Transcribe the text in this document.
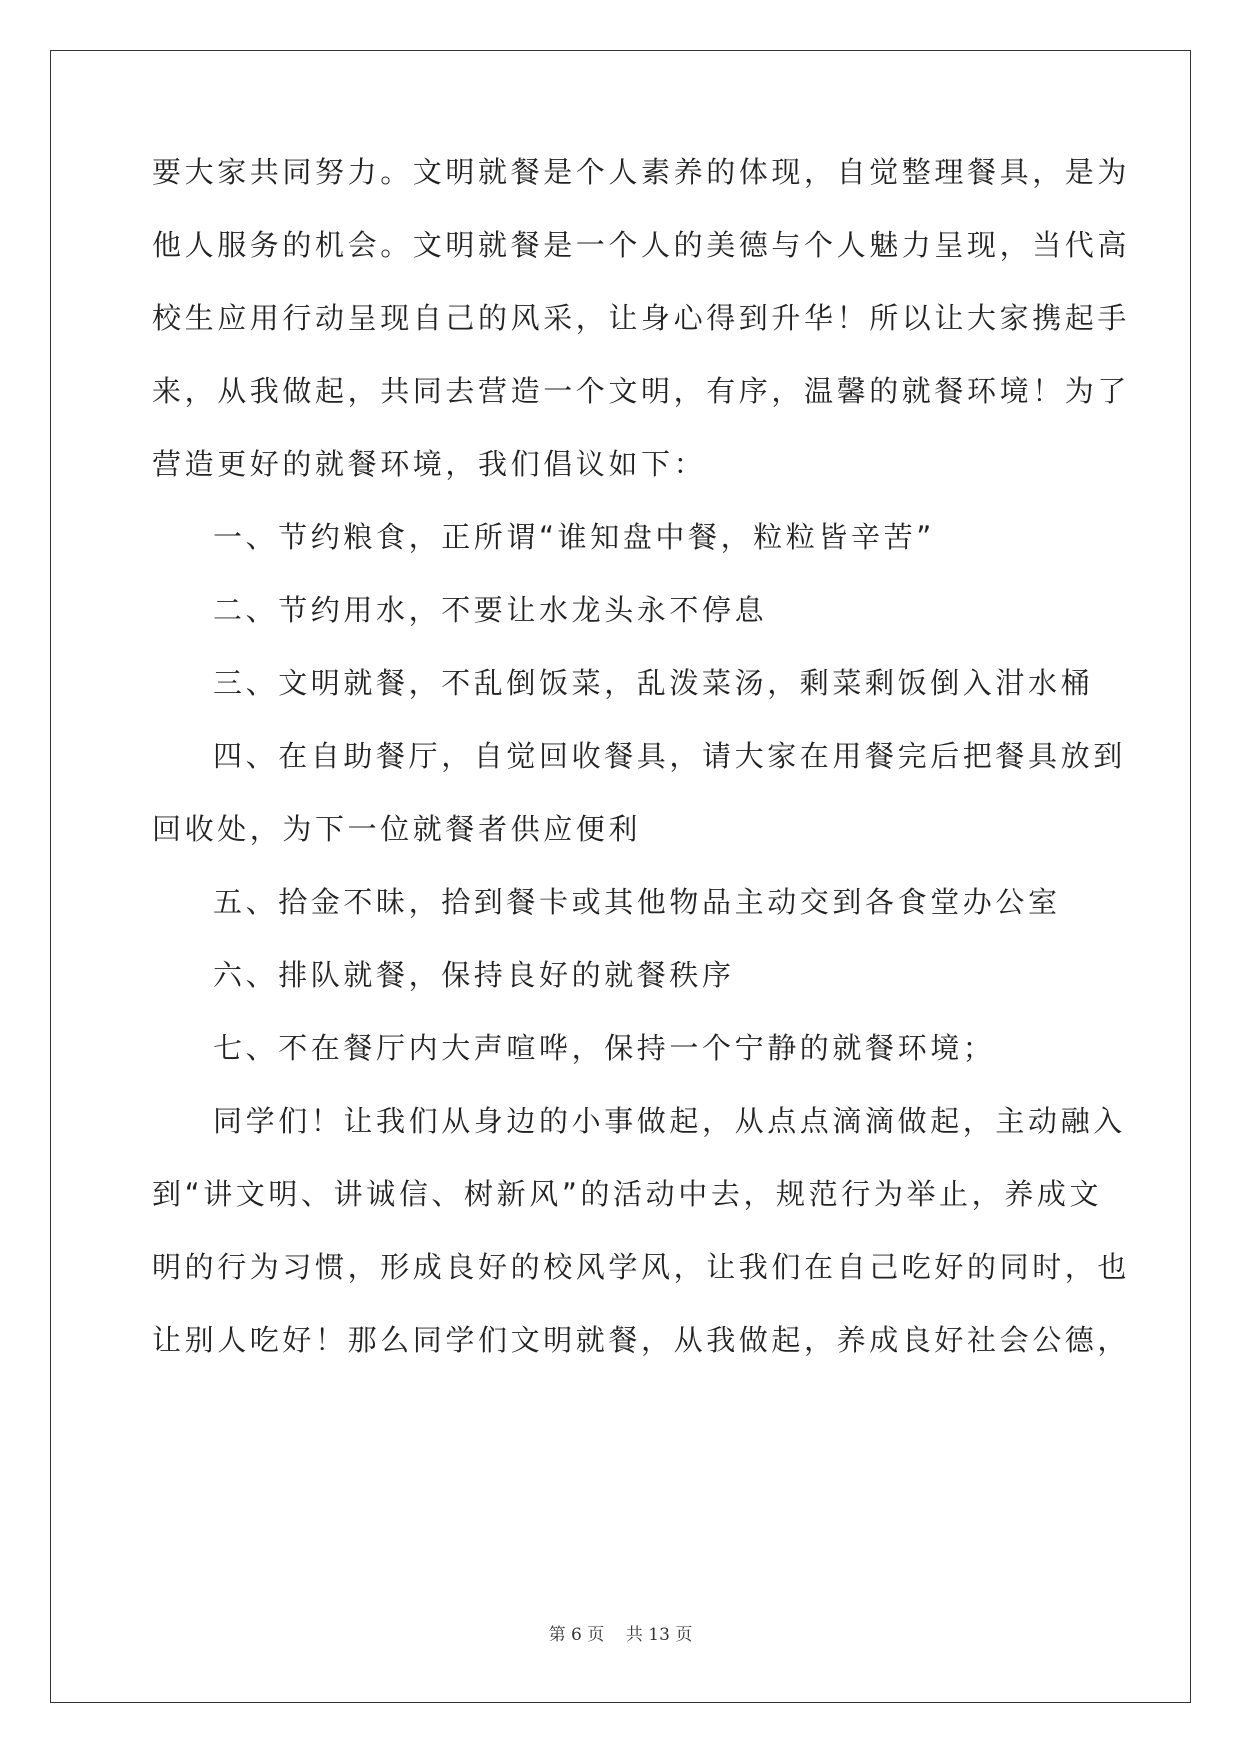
要大家共同努力。文明就餐是个人素养的体现，自觉整理餐具，是为
他人服务的机会。文明就餐是一个人的美德与个人魅力呈现，当代高
校生应用行动呈现自己的风采，让身心得到升华！所以让大家携起手
来，从我做起，共同去营造一个文明，有序，温馨的就餐环境！为了
营造更好的就餐环境，我们倡议如下：
一、节约粮食，正所谓“谁知盘中餐，粒粒皆辛苦”
二、节约用水，不要让水龙头永不停息
三、文明就餐，不乱倒饭菜，乱泼菜汤，剩菜剩饭倒入泔水桶
四、在自助餐厅，自觉回收餐具，请大家在用餐完后把餐具放到
回收处，为下一位就餐者供应便利
五、拾金不昧，拾到餐卡或其他物品主动交到各食堂办公室
六、排队就餐，保持良好的就餐秩序
七、不在餐厅内大声喧哗，保持一个宁静的就餐环境；
同学们！让我们从身边的小事做起，从点点滴滴做起，主动融入
到“讲文明、讲诚信、树新风”的活动中去，规范行为举止，养成文
明的行为习惯，形成良好的校风学风，让我们在自己吃好的同时，也
让别人吃好！那么同学们文明就餐，从我做起，养成良好社会公德，
第 6 页    共 13 页
